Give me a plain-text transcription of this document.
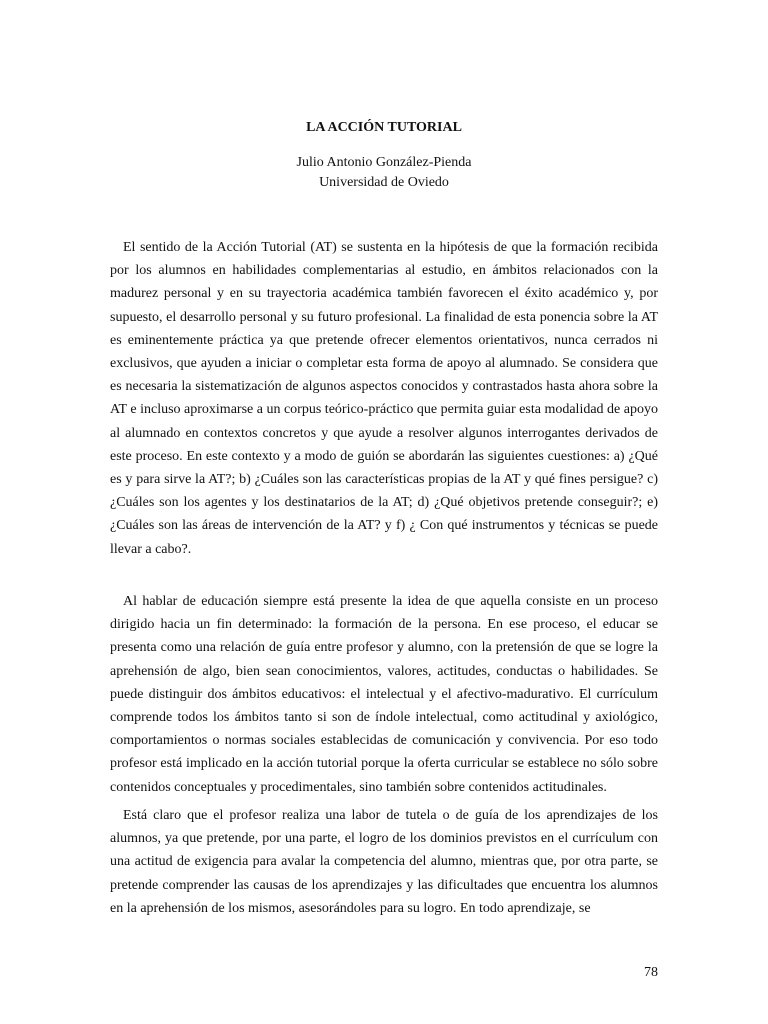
LA ACCIÓN TUTORIAL

Julio Antonio González-Pienda

Universidad de Oviedo

El sentido de la Acción Tutorial (AT) se sustenta en la hipótesis de que la formación recibida por los alumnos en habilidades complementarias al estudio, en ámbitos relacionados con la madurez personal y en su trayectoria académica también favorecen el éxito académico y, por supuesto, el desarrollo personal y su futuro profesional. La finalidad de esta ponencia sobre la AT es eminentemente práctica ya que pretende ofrecer elementos orientativos, nunca cerrados ni exclusivos, que ayuden a iniciar o completar esta forma de apoyo al alumnado. Se considera que es necesaria la sistematización de algunos aspectos conocidos y contrastados hasta ahora sobre la AT e incluso aproximarse a un corpus teórico-práctico que permita guiar esta modalidad de apoyo al alumnado en contextos concretos y que ayude a resolver algunos interrogantes derivados de este proceso. En este contexto y a modo de guión se abordarán las siguientes cuestiones: a) ¿Qué es y para sirve la AT?; b) ¿Cuáles son las características propias de la AT y qué fines persigue? c) ¿Cuáles son los agentes y los destinatarios de la AT; d) ¿Qué objetivos pretende conseguir?; e) ¿Cuáles son las áreas de intervención de la AT? y f) ¿ Con qué instrumentos y técnicas se puede llevar a cabo?.

Al hablar de educación siempre está presente la idea de que aquella consiste en un proceso dirigido hacia un fin determinado: la formación de la persona. En ese proceso, el educar se presenta como una relación de guía entre profesor y alumno, con la pretensión de que se logre la aprehensión de algo, bien sean conocimientos, valores, actitudes, conductas o habilidades. Se puede distinguir dos ámbitos educativos: el intelectual y el afectivo-madurativo. El currículum comprende todos los ámbitos tanto si son de índole intelectual, como actitudinal y axiológico, comportamientos o normas sociales establecidas de comunicación y convivencia. Por eso todo profesor está implicado en la acción tutorial porque la oferta curricular se establece no sólo sobre contenidos conceptuales y procedimentales, sino también sobre contenidos actitudinales.

Está claro que el profesor realiza una labor de tutela o de guía de los aprendizajes de los alumnos, ya que pretende, por una parte, el logro de los dominios previstos en el currículum con una actitud de exigencia para avalar la competencia del alumno, mientras que, por otra parte, se pretende comprender las causas de los aprendizajes y las dificultades que encuentra los alumnos en la aprehensión de los mismos, asesorándoles para su logro. En todo aprendizaje, se

78
